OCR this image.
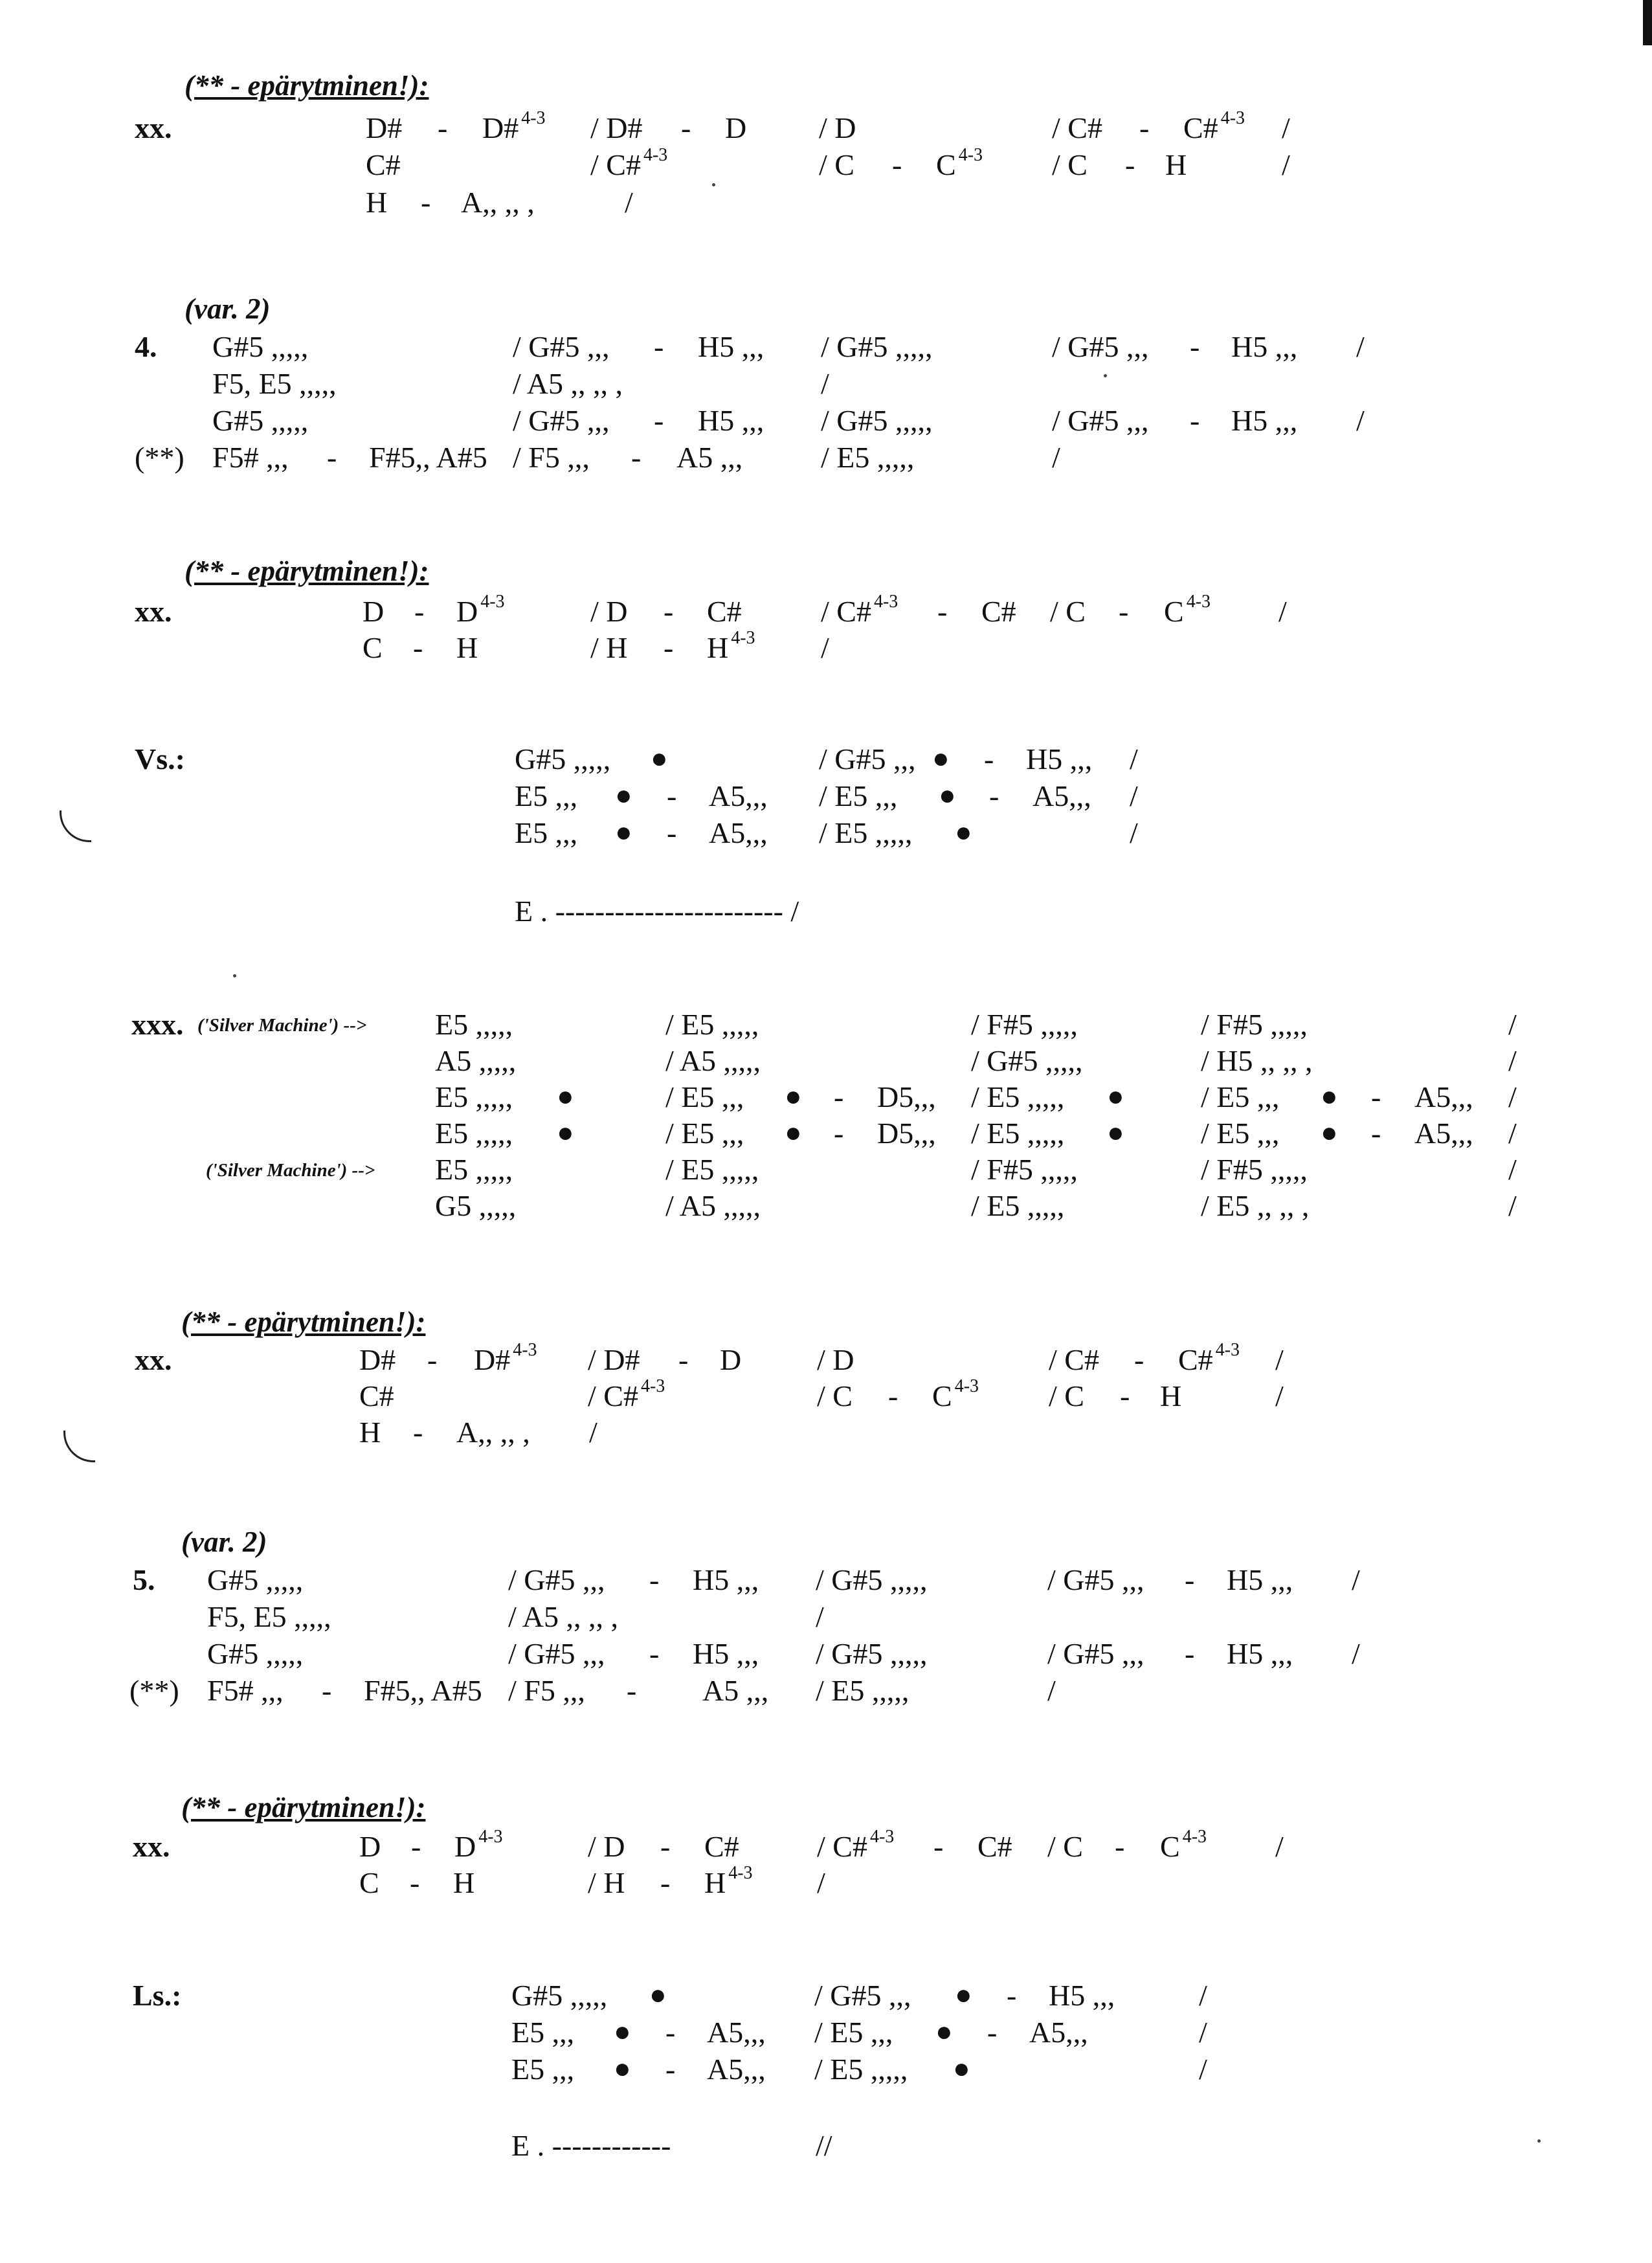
(** - epärytminen!):
xx.	D# - D# $^{4-3}$ / D# - D / D	/ C# - C# $^{4-3}$ /
C#	/ C# $^{4-3}$	/ C - C $^{4-3}$ / C - H	/
H - A,, ,, ,	/
(var. 2)
4. G#5 ,,,,,	/ G#5 ,,, - H5 ,,, / G#5 ,,,,,	/ G#5 ,,, - H5 ,,, /
F5, E5 ,,,,,	/ A5 ,, ,, ,	/
G#5 ,,,,,	/ G#5 ,,, - H5 ,,, / G#5 ,,,,,	/ G#5 ,,, - H5 ,,, /
(**) F5# ,,, - F#5,, A#5 / F5 ,,, - A5 ,,,	/ E5 ,,,,,	/
(** - epärytminen!):
xx.	D - D $^{4-3}$	/ D - C#	/ C# $^{4-3}$ - C# / C - C $^{4-3}$ /
C - H	/ H - H $^{4-3}$ /
Vs.:	G#5 ,,,,, ●	/ G#5 ,,, ● - H5 ,,, /
E5 ,,, ● - A5,,, / E5 ,,, ● - A5,,, /
E5 ,,, ● - A5,,, / E5 ,,,,, ●	/
E . ----------------------- /
xxx. ('Silver Machine') --> E5 ,,,,,	/ E5 ,,,,,	/ F#5 ,,,,,	/ F#5 ,,,,,	/
A5 ,,,,,	/ A5 ,,,,,	/ G#5 ,,,,,	/ H5 ,, ,, ,	/
E5 ,,,,, ●	/ E5 ,,, ● - D5,,, / E5 ,,,,, ●	/ E5 ,,, ● - A5,,, /
E5 ,,,,, ●	/ E5 ,,, ● - D5,,, / E5 ,,,,, ●	/ E5 ,,, ● - A5,,, /
('Silver Machine') --> E5 ,,,,,	/ E5 ,,,,,	/ F#5 ,,,,,	/ F#5 ,,,,,	/
G5 ,,,,,	/ A5 ,,,,,	/ E5 ,,,,,	/ E5 ,, ,, ,	/
(** - epärytminen!):
xx.	D# - D# $^{4-3}$ / D# - D	/ D	/ C# - C# $^{4-3}$ /
C#	/ C# $^{4-3}$	/ C - C $^{4-3}$ / C - H	/
H - A,, ,, , /
(var. 2)
5. G#5 ,,,,,	/ G#5 ,,, - H5 ,,, / G#5 ,,,,,	/ G#5 ,,, - H5 ,,, /
F5, E5 ,,,,,	/ A5 ,, ,, ,	/
G#5 ,,,,,	/ G#5 ,,, - H5 ,,, / G#5 ,,,,,	/ G#5 ,,, - H5 ,,, /
(**) F5# ,,, - F#5,, A#5 / F5 ,,, - A5 ,,, / E5 ,,,,,	/
(** - epärytminen!):
xx.	D - D $^{4-3}$	/ D - C#	/ C# $^{4-3}$ - C# / C - C $^{4-3}$ /
C - H	/ H - H $^{4-3}$ /
Ls.:	G#5 ,,,,, ●	/ G#5 ,,, ● - H5 ,,,	/
E5 ,,, ● - A5,,, / E5 ,,, ● - A5,,,	/
E5 ,,, ● - A5,,, / E5 ,,,,, ●	/
E . ------------	//
